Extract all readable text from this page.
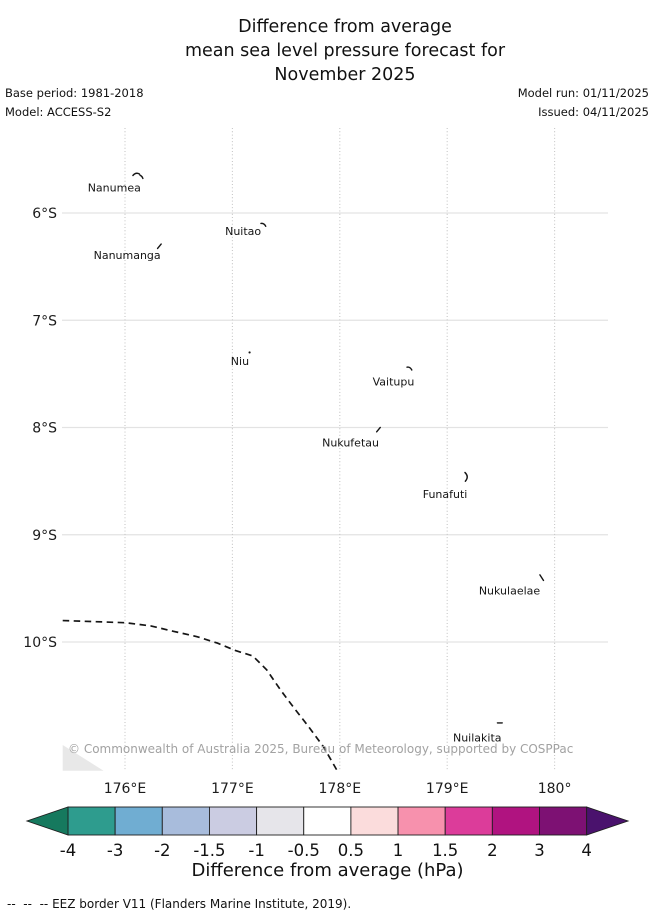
Difference from average
mean sea level pressure forecast for
November 2025
Base period: 1981-2018
Model: ACCESS-S2
Model run: 01/11/2025
Issued: 04/11/2025
6°S
7°S
8°S
9°S
10°S
176°E	177°E	178°E	179°E	180°
Nanumea
Nuitao
Nanumanga
Niu
Vaitupu
Nukufetau
Funafuti
Nukulaelae
Nuilakita
-4 -3 -2 -1.5 -1 -0.5 0.5 1 1.5 2 3 4
© Commonwealth of Australia 2025, Bureau of Meteorology, supported by COSPPac
Difference from average (hPa)
--  --  -- EEZ border V11 (Flanders Marine Institute, 2019).
